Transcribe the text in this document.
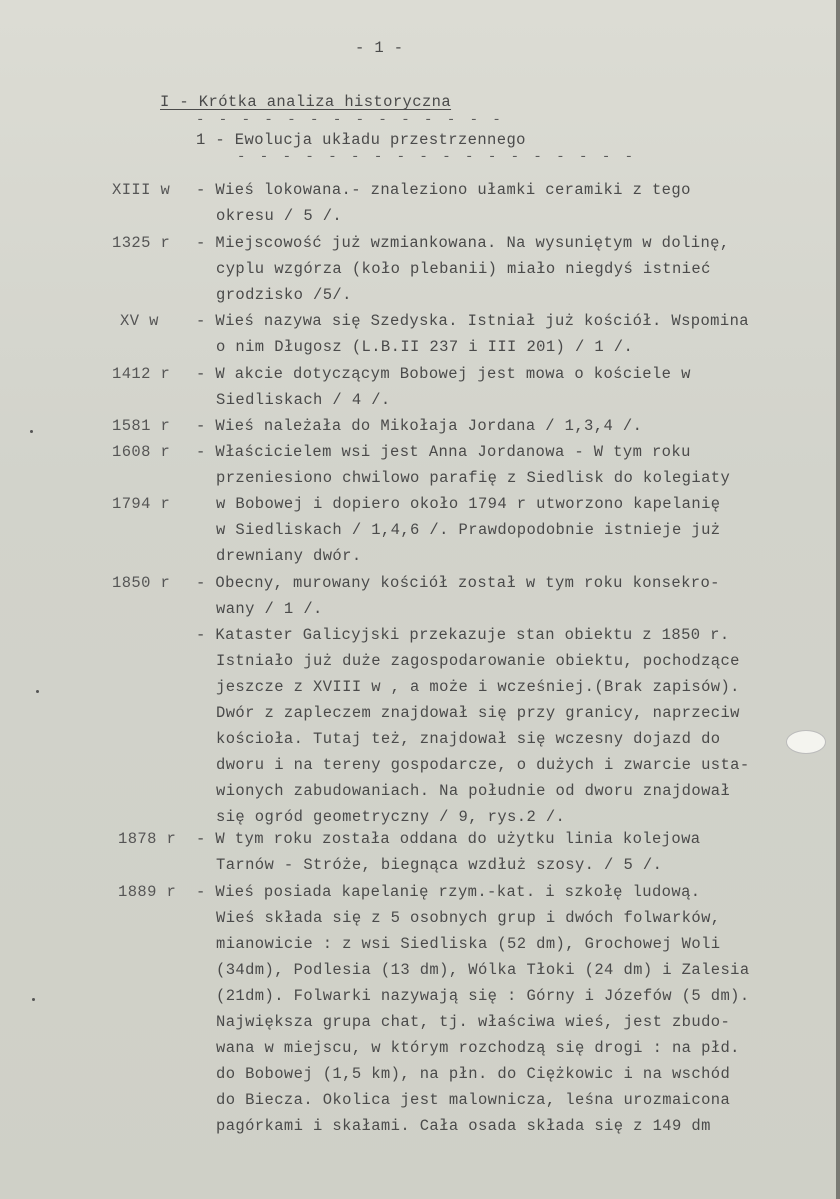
- 1 -
I - Krótka analiza historyczna
- - - - - - - - - - - - - -
1 - Ewolucja układu przestrzennego
- - - - - - - - - - - - - - - - - -
XIII w - Wieś lokowana.- znaleziono ułamki ceramiki z tego
okresu / 5 /.
1325 r - Miejscowość już wzmiankowana. Na wysuniętym w dolinę,
cyplu wzgórza (koło plebanii) miało niegdyś istnieć
grodzisko /5/.
XV w - Wieś nazywa się Szedyska. Istniał już kościół. Wspomina
o nim Długosz (L.B.II 237 i III 201) / 1 /.
1412 r - W akcie dotyczącym Bobowej jest mowa o kościele w
Siedliskach / 4 /.
1581 r - Wieś należała do Mikołaja Jordana / 1,3,4 /.
1608 r - Właścicielem wsi jest Anna Jordanowa - W tym roku
przeniesiono chwilowo parafię z Siedlisk do kolegiaty
1794 r	w Bobowej i dopiero około 1794 r utworzono kapelanię
w Siedliskach / 1,4,6 /. Prawdopodobnie istnieje już
drewniany dwór.
1850 r - Obecny, murowany kościół został w tym roku konsekro-
wany / 1 /.
- Kataster Galicyjski przekazuje stan obiektu z 1850 r.
Istniało już duże zagospodarowanie obiektu, pochodzące
jeszcze z XVIII w , a może i wcześniej.(Brak zapisów).
Dwór z zapleczem znajdował się przy granicy, naprzeciw
kościoła. Tutaj też, znajdował się wczesny dojazd do
dworu i na tereny gospodarcze, o dużych i zwarcie usta-
wionych zabudowaniach. Na południe od dworu znajdował
się ogród geometryczny / 9, rys.2 /.
1878 r - W tym roku została oddana do użytku linia kolejowa
Tarnów - Stróże, biegnąca wzdłuż szosy. / 5 /.
1889 r - Wieś posiada kapelanię rzym.-kat. i szkołę ludową.
Wieś składa się z 5 osobnych grup i dwóch folwarków,
mianowicie : z wsi Siedliska (52 dm), Grochowej Woli
(34dm), Podlesia (13 dm), Wólka Tłoki (24 dm) i Zalesia
(21dm). Folwarki nazywają się : Górny i Józefów (5 dm).
Największa grupa chat, tj. właściwa wieś, jest zbudo-
wana w miejscu, w którym rozchodzą się drogi : na płd.
do Bobowej (1,5 km), na płn. do Ciężkowic i na wschód
do Biecza. Okolica jest malownicza, leśna urozmaicona
pagórkami i skałami. Cała osada składa się z 149 dm
